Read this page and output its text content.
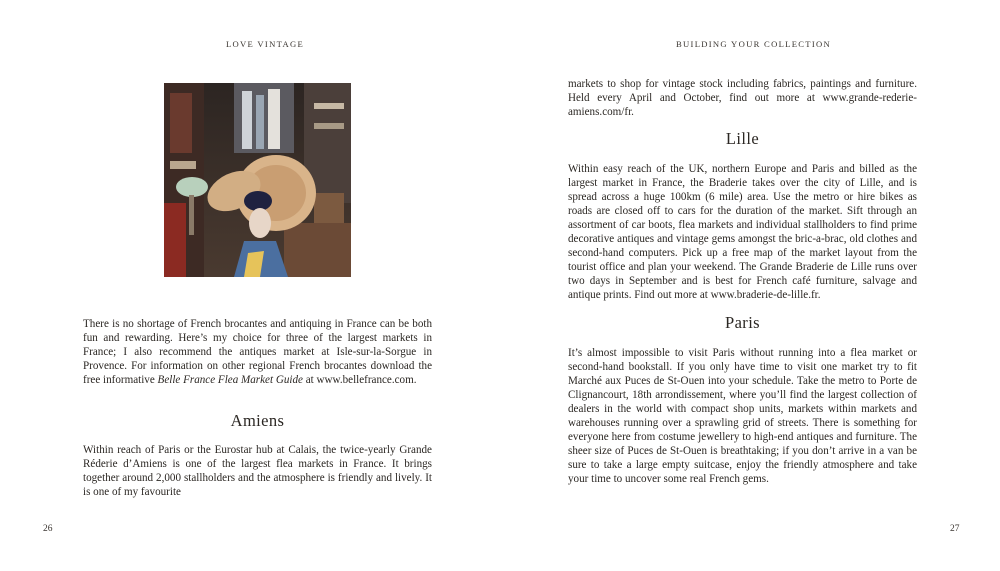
LOVE VINTAGE	BUILDING YOUR COLLECTION

There is no shortage of French brocantes and antiquing in France can be both fun and rewarding. Here’s my choice for three of the largest markets in France; I also recommend the antiques market at Isle-sur-la-Sorgue in Provence. For information on other regional French brocantes download the free informative Belle France Flea Market Guide at www.bellefrance.com.

Amiens

Within reach of Paris or the Eurostar hub at Calais, the twice-yearly Grande Réderie d’Amiens is one of the largest flea markets in France. It brings together around 2,000 stallholders and the atmosphere is friendly and lively. It is one of my favourite

26

markets to shop for vintage stock including fabrics, paintings and furniture. Held every April and October, find out more at www.grande-rederie-amiens.com/fr.

Lille

Within easy reach of the UK, northern Europe and Paris and billed as the largest market in France, the Braderie takes over the city of Lille, and is spread across a huge 100km (6 mile) area. Use the metro or hire bikes as roads are closed off to cars for the duration of the market. Sift through an assortment of car boots, flea markets and individual stallholders to find prime decorative antiques and vintage gems amongst the bric-a-brac, old clothes and second-hand computers. Pick up a free map of the market layout from the tourist office and plan your weekend. The Grande Braderie de Lille runs over two days in September and is best for French café furniture, salvage and antique prints. Find out more at www.braderie-de-lille.fr.

Paris

It’s almost impossible to visit Paris without running into a flea market or second-hand bookstall. If you only have time to visit one market try to fit Marché aux Puces de St-Ouen into your schedule. Take the metro to Porte de Clignancourt, 18th arrondissement, where you’ll find the largest collection of dealers in the world with compact shop units, markets within markets and warehouses running over a sprawling grid of streets. There is something for everyone here from costume jewellery to high-end antiques and furniture. The sheer size of Puces de St-Ouen is breathtaking; if you don’t arrive in a van be sure to take a large empty suitcase, enjoy the friendly atmosphere and take your time to uncover some real French gems.

27
